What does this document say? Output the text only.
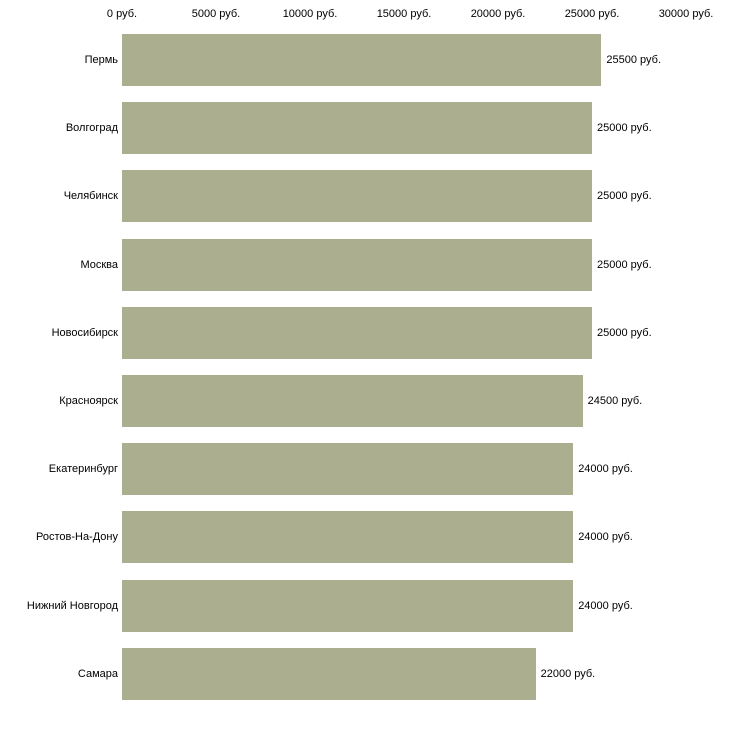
0 руб.	5000 руб.	10000 руб.	15000 руб.	20000 руб.	25000 руб.	30000 руб.
Пермь	25500 руб.
Волгоград	25000 руб.
Челябинск	25000 руб.
Москва	25000 руб.
Новосибирск	25000 руб.
Красноярск	24500 руб.
Екатеринбург	24000 руб.
Ростов-На-Дону	24000 руб.
Нижний Новгород	24000 руб.
Самара	22000 руб.
